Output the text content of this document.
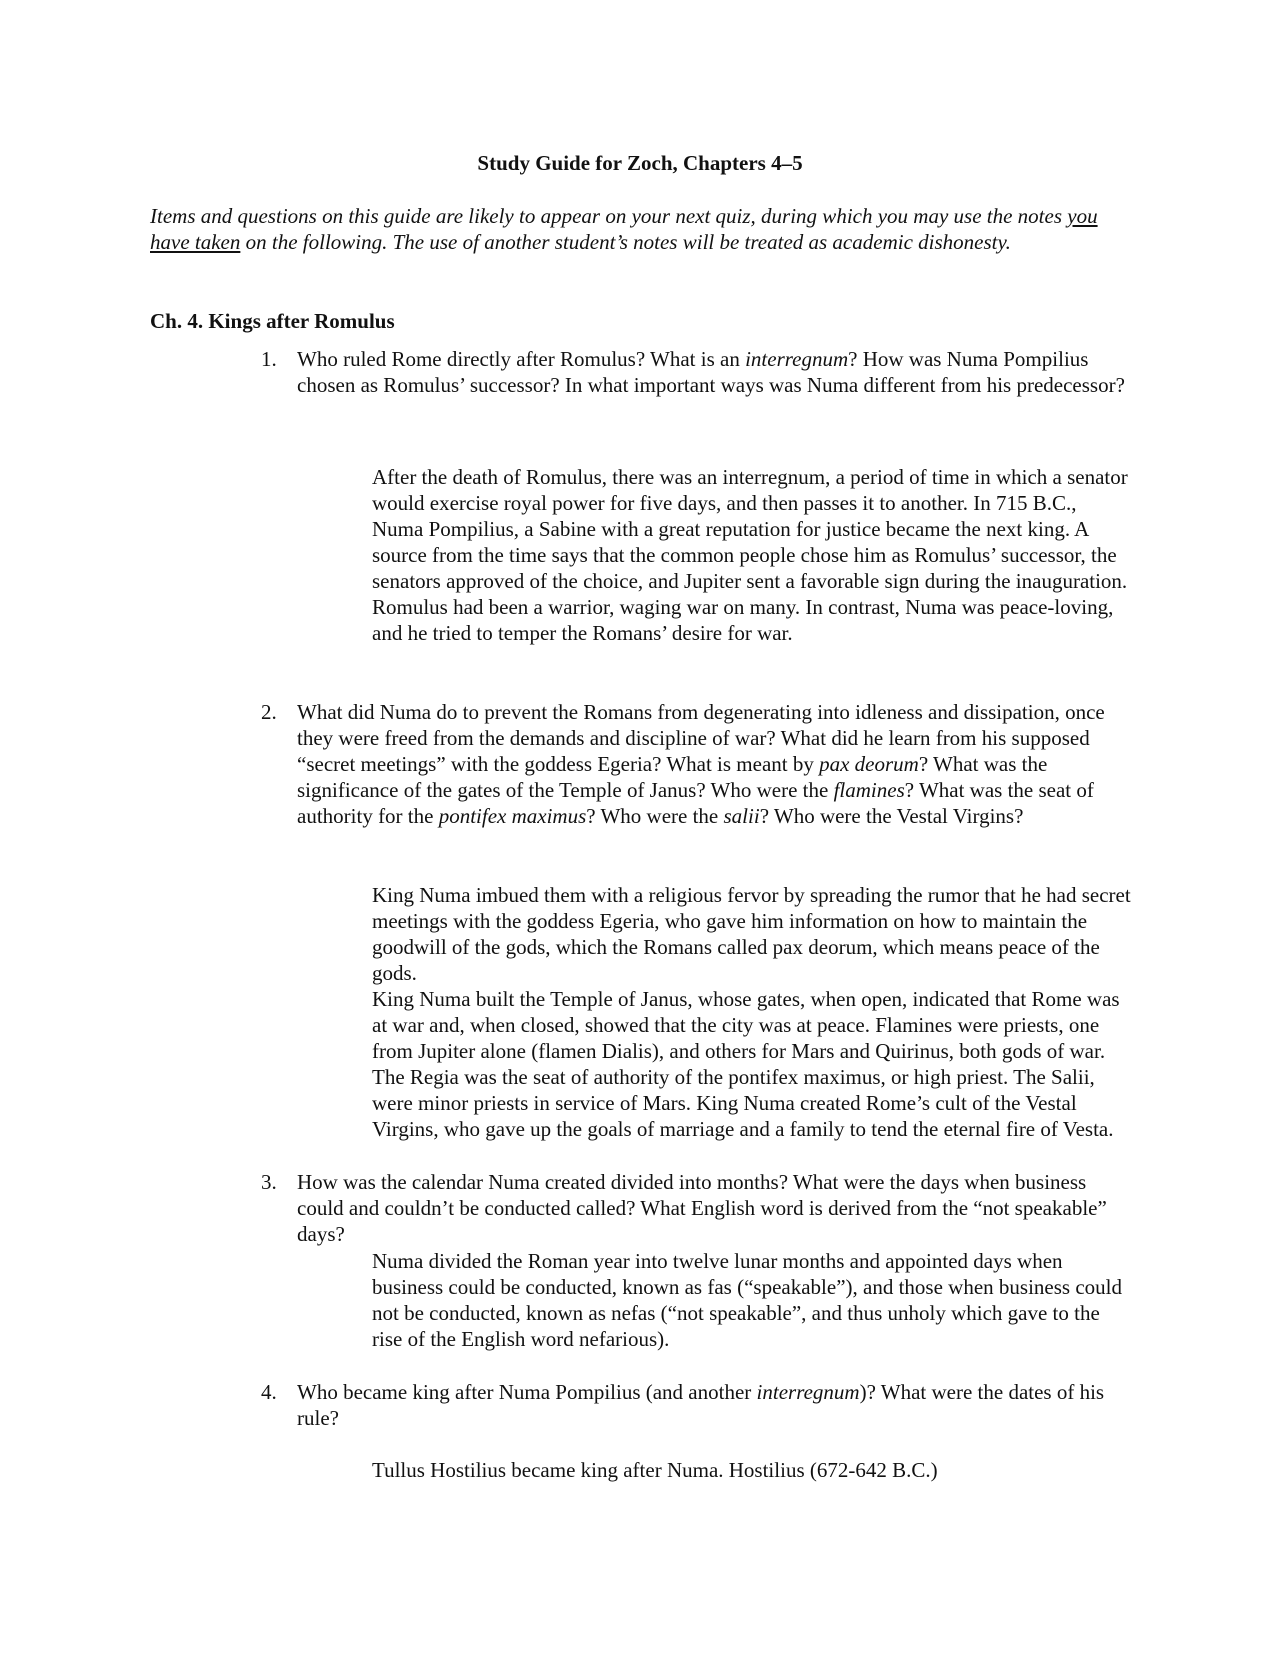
Study Guide for Zoch, Chapters 4–5
Items and questions on this guide are likely to appear on your next quiz, during which you may use the notes you have taken on the following. The use of another student’s notes will be treated as academic dishonesty.
Ch. 4. Kings after Romulus
1. Who ruled Rome directly after Romulus? What is an interregnum? How was Numa Pompilius chosen as Romulus’ successor? In what important ways was Numa different from his predecessor?

After the death of Romulus, there was an interregnum, a period of time in which a senator would exercise royal power for five days, and then passes it to another. In 715 B.C., Numa Pompilius, a Sabine with a great reputation for justice became the next king. A source from the time says that the common people chose him as Romulus’ successor, the senators approved of the choice, and Jupiter sent a favorable sign during the inauguration. Romulus had been a warrior, waging war on many. In contrast, Numa was peace-loving, and he tried to temper the Romans’ desire for war.

2. What did Numa do to prevent the Romans from degenerating into idleness and dissipation, once they were freed from the demands and discipline of war? What did he learn from his supposed “secret meetings” with the goddess Egeria? What is meant by pax deorum? What was the significance of the gates of the Temple of Janus? Who were the flamines? What was the seat of authority for the pontifex maximus? Who were the salii? Who were the Vestal Virgins?

King Numa imbued them with a religious fervor by spreading the rumor that he had secret meetings with the goddess Egeria, who gave him information on how to maintain the goodwill of the gods, which the Romans called pax deorum, which means peace of the gods.

King Numa built the Temple of Janus, whose gates, when open, indicated that Rome was at war and, when closed, showed that the city was at peace. Flamines were priests, one from Jupiter alone (flamen Dialis), and others for Mars and Quirinus, both gods of war. The Regia was the seat of authority of the pontifex maximus, or high priest. The Salii, were minor priests in service of Mars. King Numa created Rome’s cult of the Vestal Virgins, who gave up the goals of marriage and a family to tend the eternal fire of Vesta.

3. How was the calendar Numa created divided into months? What were the days when business could and couldn’t be conducted called? What English word is derived from the “not speakable” days?

Numa divided the Roman year into twelve lunar months and appointed days when business could be conducted, known as fas (“speakable”), and those when business could not be conducted, known as nefas (“not speakable”, and thus unholy which gave to the rise of the English word nefarious).

4. Who became king after Numa Pompilius (and another interregnum)? What were the dates of his rule?

Tullus Hostilius became king after Numa. Hostilius (672-642 B.C.)
